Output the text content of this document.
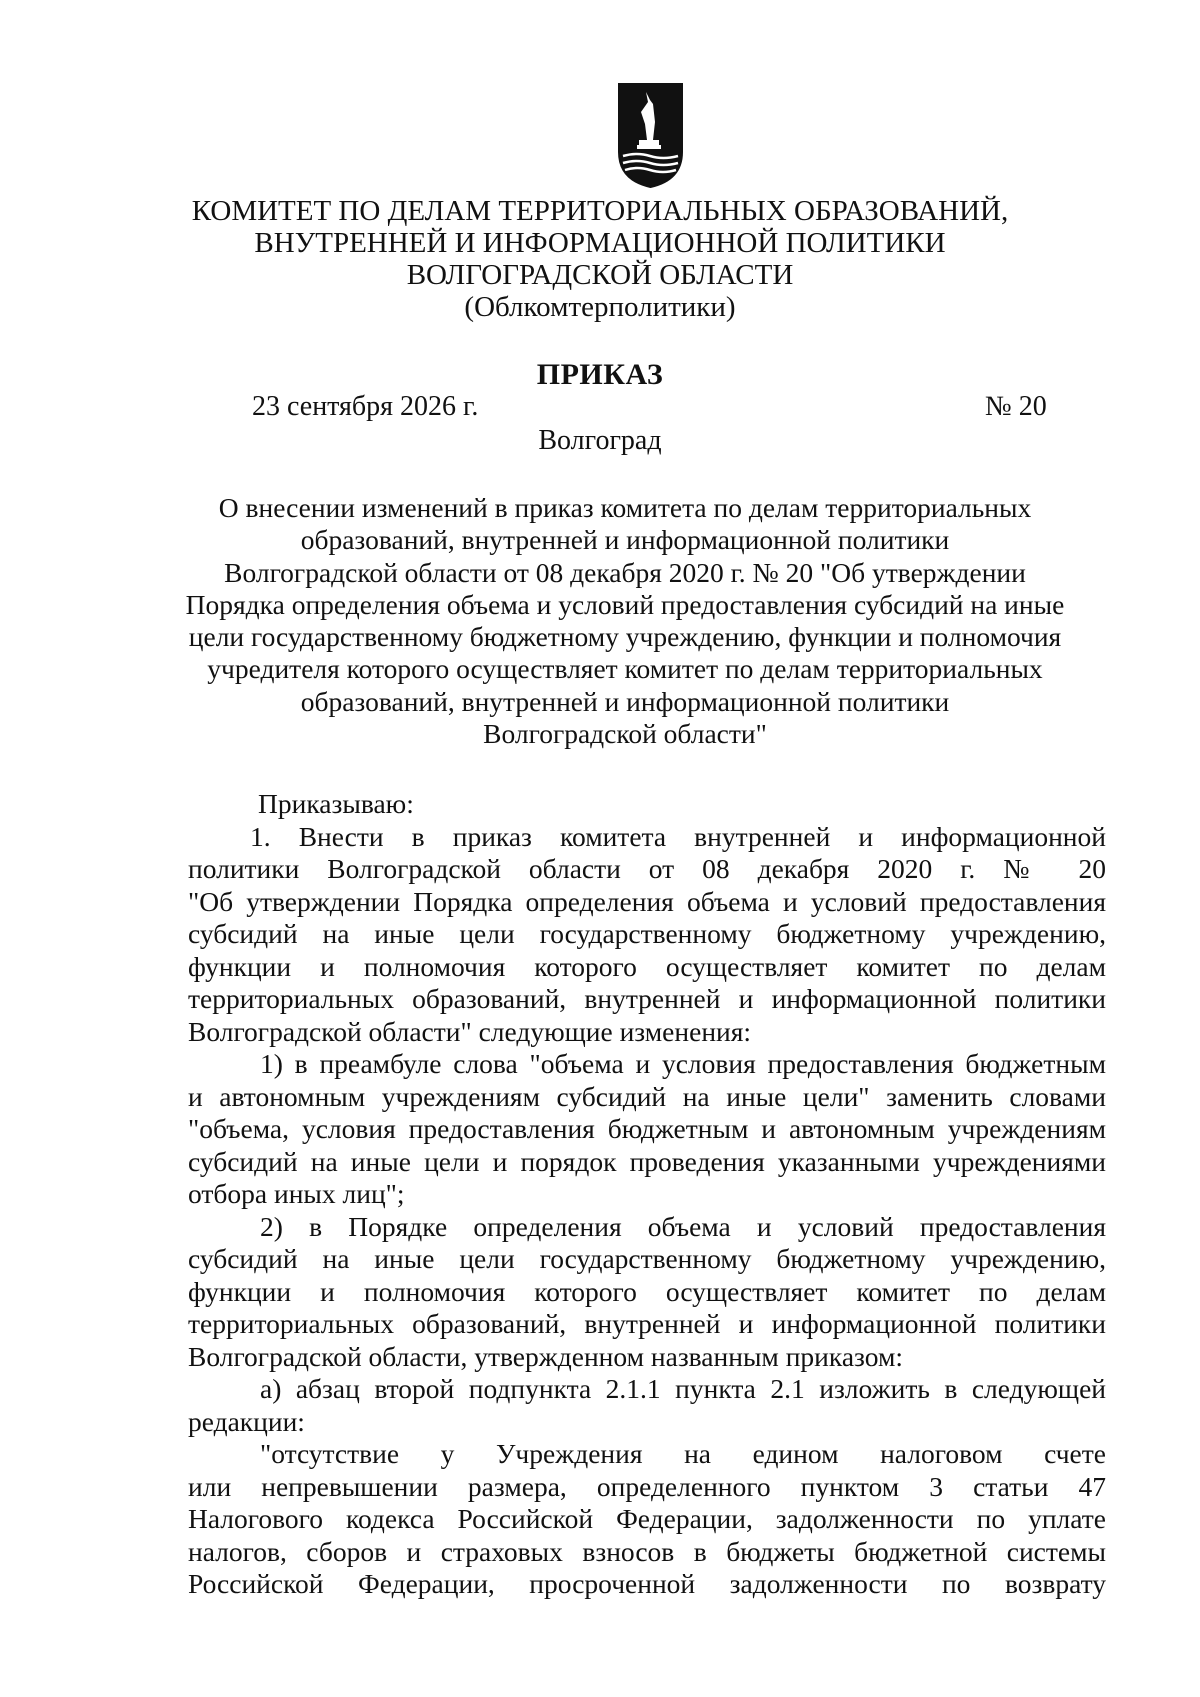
КОМИТЕТ ПО ДЕЛАМ ТЕРРИТОРИАЛЬНЫХ ОБРАЗОВАНИЙ,
ВНУТРЕННЕЙ И ИНФОРМАЦИОННОЙ ПОЛИТИКИ
ВОЛГОГРАДСКОЙ ОБЛАСТИ
(Облкомтерполитики)
ПРИКАЗ
23 сентября 2026 г.	№ 20
Волгоград
О внесении изменений в приказ комитета по делам территориальных
образований, внутренней и информационной политики
Волгоградской области от 08 декабря 2020 г. № 20 "Об утверждении
Порядка определения объема и условий предоставления субсидий на иные
цели государственному бюджетному учреждению, функции и полномочия
учредителя которого осуществляет комитет по делам территориальных
образований, внутренней и информационной политики
Волгоградской области"
Приказываю:
1. Внести в приказ комитета внутренней и информационной
политики Волгоградской области от 08 декабря 2020 г. № 20
"Об утверждении Порядка определения объема и условий предоставления
субсидий на иные цели государственному бюджетному учреждению,
функции и полномочия которого осуществляет комитет по делам
территориальных образований, внутренней и информационной политики
Волгоградской области" следующие изменения:
1) в преамбуле слова "объема и условия предоставления бюджетным
и автономным учреждениям субсидий на иные цели" заменить словами
"объема, условия предоставления бюджетным и автономным учреждениям
субсидий на иные цели и порядок проведения указанными учреждениями
отбора иных лиц";
2) в Порядке определения объема и условий предоставления
субсидий на иные цели государственному бюджетному учреждению,
функции и полномочия которого осуществляет комитет по делам
территориальных образований, внутренней и информационной политики
Волгоградской области, утвержденном названным приказом:
а) абзац второй подпункта 2.1.1 пункта 2.1 изложить в следующей
редакции:
"отсутствие у Учреждения на едином налоговом счете
или непревышении размера, определенного пунктом 3 статьи 47
Налогового кодекса Российской Федерации, задолженности по уплате
налогов, сборов и страховых взносов в бюджеты бюджетной системы
Российской Федерации, просроченной задолженности по возврату
